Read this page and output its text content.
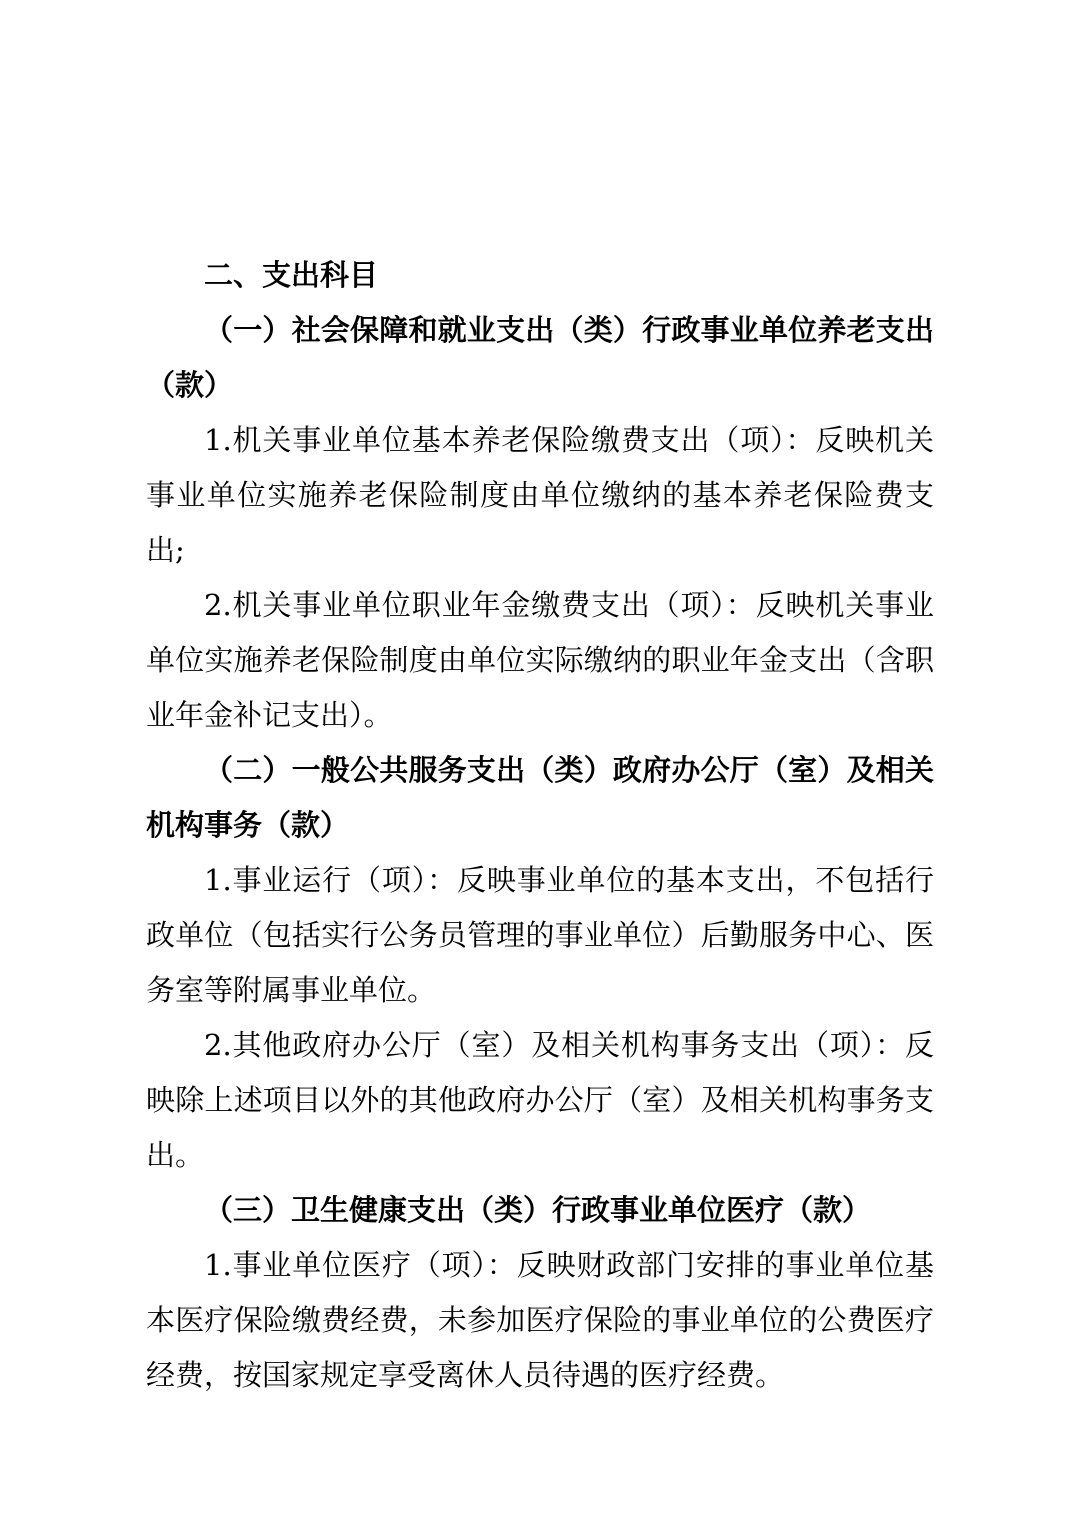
二、支出科目

（一）社会保障和就业支出（类）行政事业单位养老支出（款）

1.机关事业单位基本养老保险缴费支出（项）：反映机关事业单位实施养老保险制度由单位缴纳的基本养老保险费支出;

2.机关事业单位职业年金缴费支出（项）：反映机关事业单位实施养老保险制度由单位实际缴纳的职业年金支出（含职业年金补记支出）。

（二）一般公共服务支出（类）政府办公厅（室）及相关机构事务（款）

1.事业运行（项）：反映事业单位的基本支出，不包括行政单位（包括实行公务员管理的事业单位）后勤服务中心、医务室等附属事业单位。

2.其他政府办公厅（室）及相关机构事务支出（项）：反映除上述项目以外的其他政府办公厅（室）及相关机构事务支出。

（三）卫生健康支出（类）行政事业单位医疗（款）

1.事业单位医疗（项）：反映财政部门安排的事业单位基本医疗保险缴费经费，未参加医疗保险的事业单位的公费医疗经费，按国家规定享受离休人员待遇的医疗经费。
